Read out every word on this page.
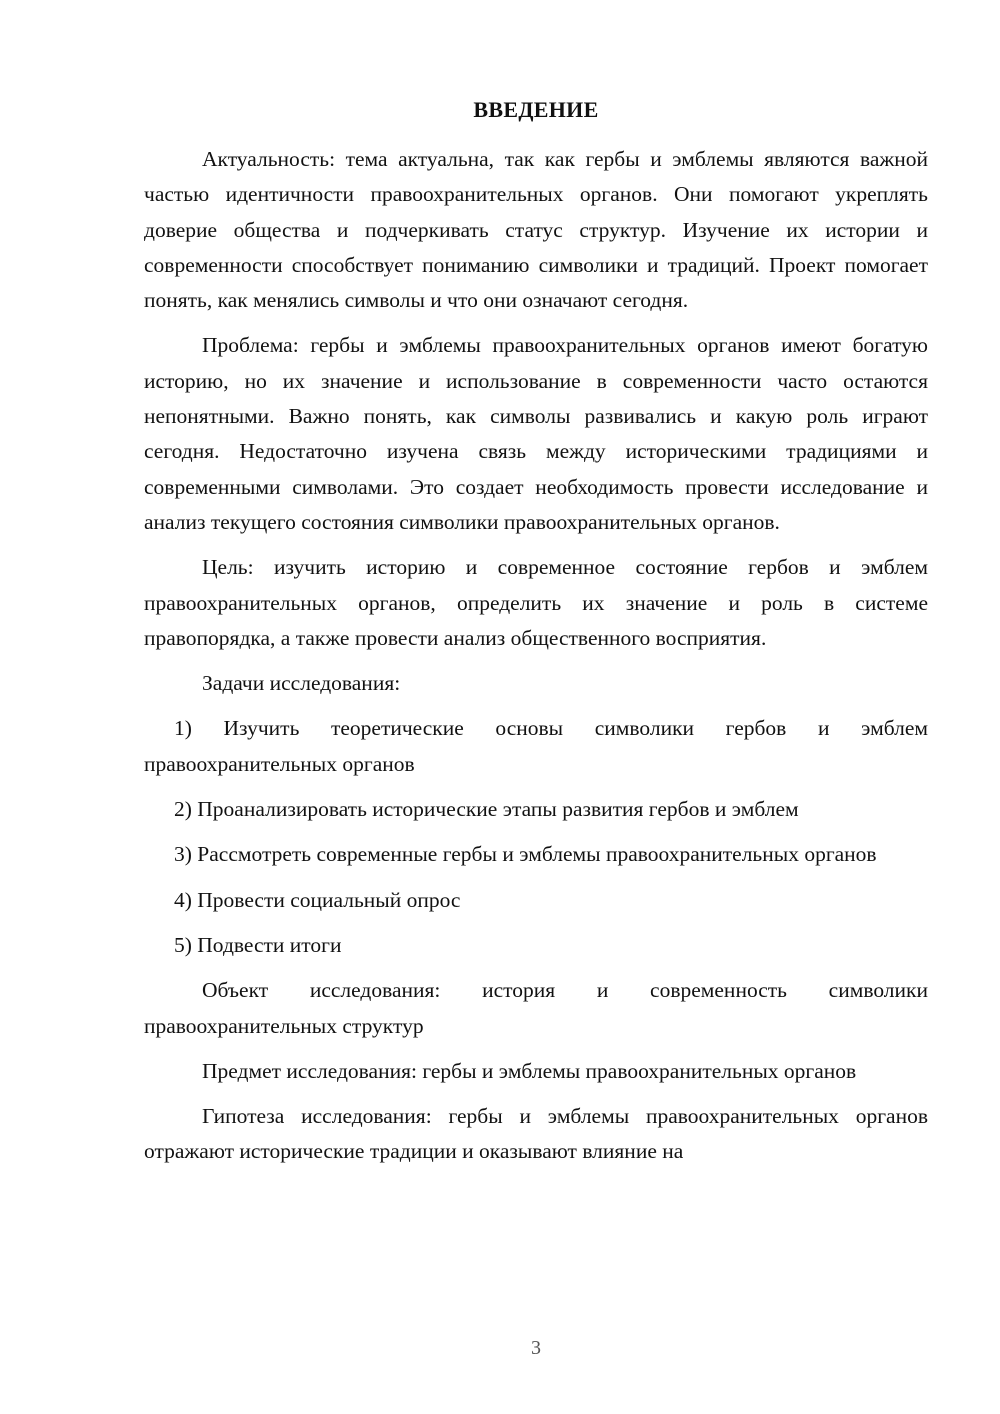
ВВЕДЕНИЕ

Актуальность: тема актуальна, так как гербы и эмблемы являются важной частью идентичности правоохранительных органов. Они помогают укреплять доверие общества и подчеркивать статус структур. Изучение их истории и современности способствует пониманию символики и традиций. Проект помогает понять, как менялись символы и что они означают сегодня.

Проблема: гербы и эмблемы правоохранительных органов имеют богатую историю, но их значение и использование в современности часто остаются непонятными. Важно понять, как символы развивались и какую роль играют сегодня. Недостаточно изучена связь между историческими традициями и современными символами. Это создает необходимость провести исследование и анализ текущего состояния символики правоохранительных органов.

Цель: изучить историю и современное состояние гербов и эмблем правоохранительных органов, определить их значение и роль в системе правопорядка, а также провести анализ общественного восприятия.

Задачи исследования:

1) Изучить теоретические основы символики гербов и эмблем правоохранительных органов

2) Проанализировать исторические этапы развития гербов и эмблем

3) Рассмотреть современные гербы и эмблемы правоохранительных органов

4) Провести социальный опрос

5) Подвести итоги

Объект исследования: история и современность символики правоохранительных структур

Предмет исследования: гербы и эмблемы правоохранительных органов

Гипотеза исследования: гербы и эмблемы правоохранительных органов отражают исторические традиции и оказывают влияние на

3
